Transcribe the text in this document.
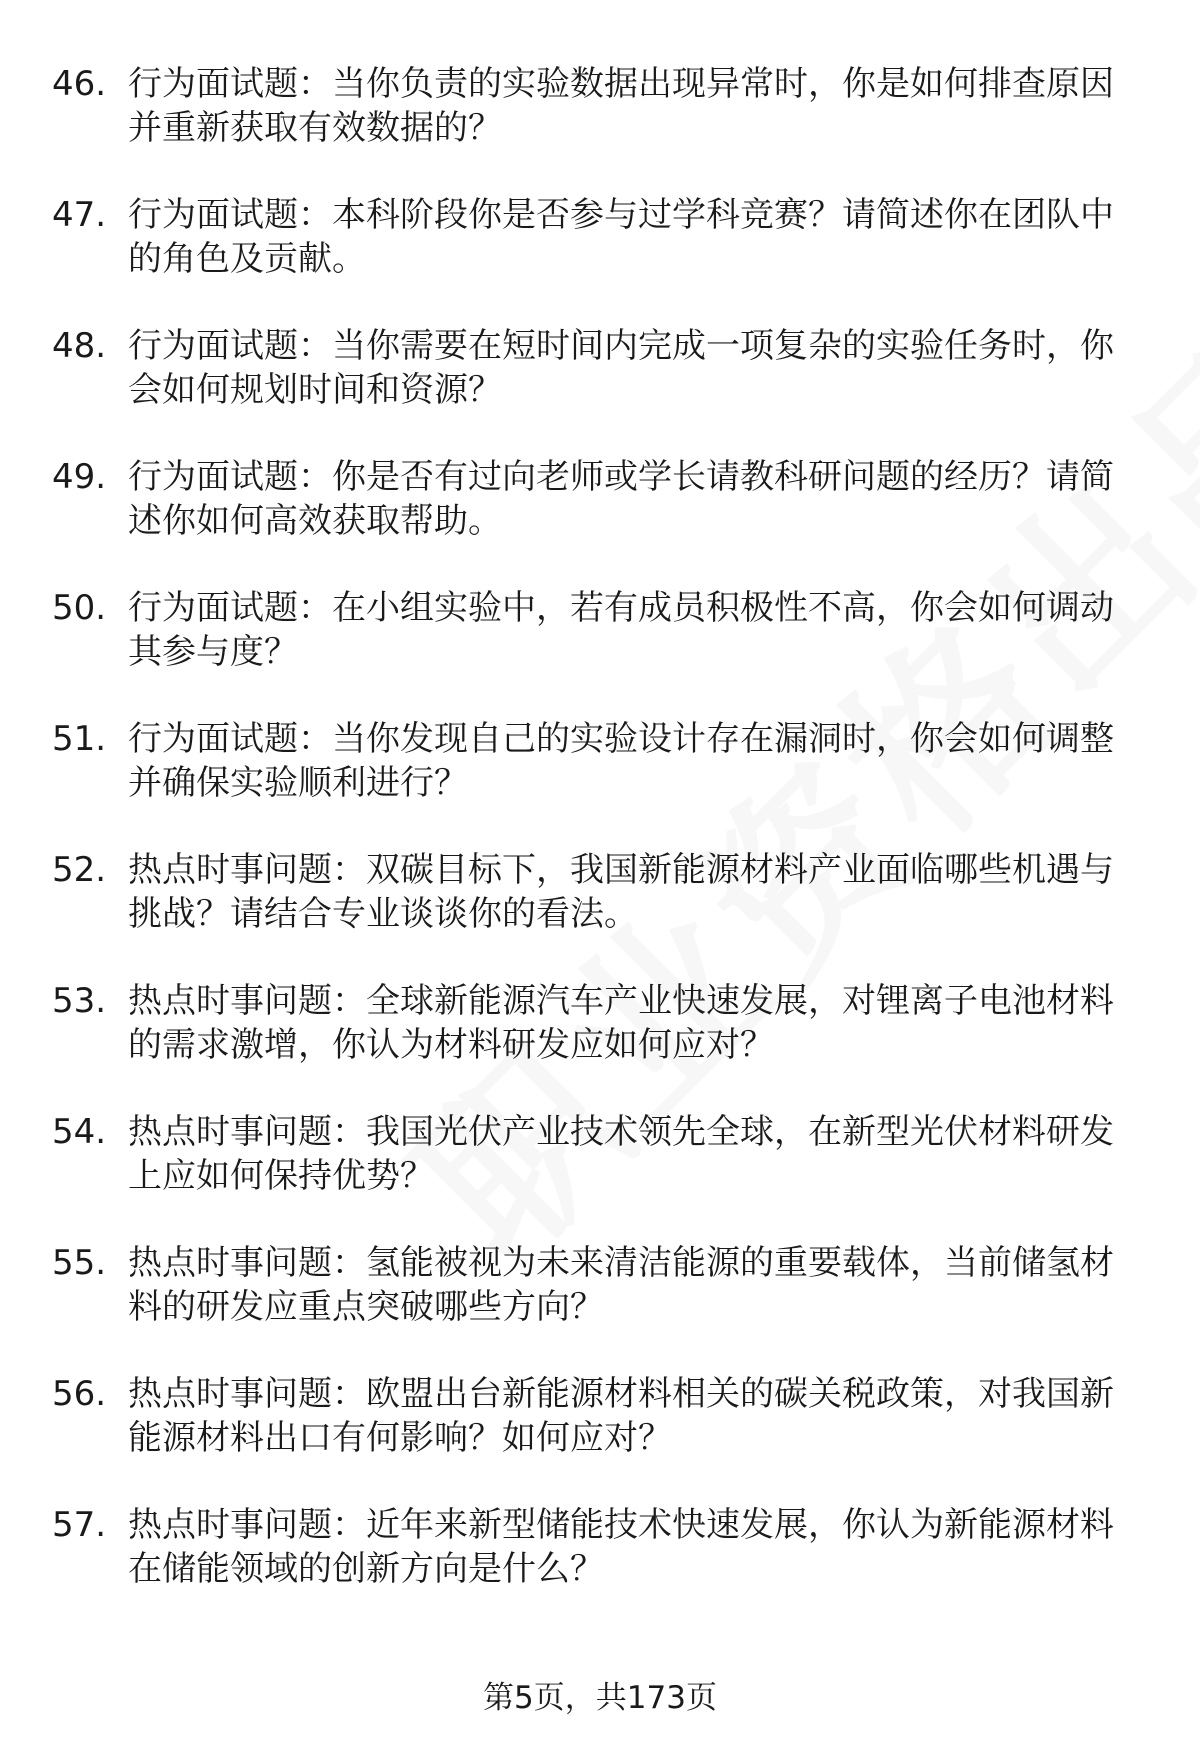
46. 行为面试题：当你负责的实验数据出现异常时，你是如何排查原因并重新获取有效数据的？
47. 行为面试题：本科阶段你是否参与过学科竞赛？请简述你在团队中的角色及贡献。
48. 行为面试题：当你需要在短时间内完成一项复杂的实验任务时，你会如何规划时间和资源？
49. 行为面试题：你是否有过向老师或学长请教科研问题的经历？请简述你如何高效获取帮助。
50. 行为面试题：在小组实验中，若有成员积极性不高，你会如何调动其参与度？
51. 行为面试题：当你发现自己的实验设计存在漏洞时，你会如何调整并确保实验顺利进行？
52. 热点时事问题：双碳目标下，我国新能源材料产业面临哪些机遇与挑战？请结合专业谈谈你的看法。
53. 热点时事问题：全球新能源汽车产业快速发展，对锂离子电池材料的需求激增，你认为材料研发应如何应对？
54. 热点时事问题：我国光伏产业技术领先全球，在新型光伏材料研发上应如何保持优势？
55. 热点时事问题：氢能被视为未来清洁能源的重要载体，当前储氢材料的研发应重点突破哪些方向？
56. 热点时事问题：欧盟出台新能源材料相关的碳关税政策，对我国新能源材料出口有何影响？如何应对？
57. 热点时事问题：近年来新型储能技术快速发展，你认为新能源材料在储能领域的创新方向是什么？
第5页，共173页
